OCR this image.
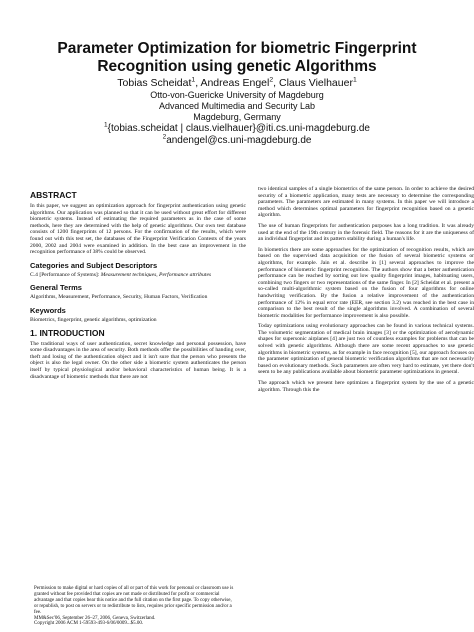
Parameter Optimization for biometric Fingerprint
Recognition using genetic Algorithms
Tobias Scheidat$^1$, Andreas Engel$^2$, Claus Vielhauer$^1$
Otto-von-Guericke University of Magdeburg
Advanced Multimedia and Security Lab
Magdeburg, Germany
$^1${tobias.scheidat | claus.vielhauer}@iti.cs.uni-magdeburg.de
$^2$andengel@cs.uni-magdeburg.de
ABSTRACT

In this paper, we suggest an optimization approach for fingerprint authentication using genetic algorithms. Our application was planned so that it can be used without great effort for different biometric systems. Instead of estimating the required parameters as in the case of some methods, here they are determined with the help of genetic algorithms. Our own test database consists of 1200 fingerprints of 12 persons. For the confirmation of the results, which were found out with this test set, the databases of the Fingerprint Verification Contests of the years 2000, 2002 and 2004 were examined in addition. In the best case an improvement in the recognition performance of 38% could be observed.

Categories and Subject Descriptors

C.4 [Performance of Systems]: Measurement techniques, Performance attributes

General Terms

Algorithms, Measurement, Performance, Security, Human Factors, Verification

Keywords

Biometrics, fingerprint, genetic algorithms, optimization

1. INTRODUCTION

The traditional ways of user authentication, secret knowledge and personal possession, have some disadvantages in the area of security. Both methods offer the possibilities of handing over, theft and losing of the authentication object and it isn't sure that the person who presents the object is also the legal owner. On the other side a biometric system authenticates the person itself by typical physiological and/or behavioral characteristics of human being. It is a disadvantage of biometric methods that there are not

Permission to make digital or hard copies of all or part of this work for personal or classroom use is granted without fee provided that copies are not made or distributed for profit or commercial advantage and that copies bear this notice and the full citation on the first page. To copy otherwise, or republish, to post on servers or to redistribute to lists, requires prior specific permission and/or a fee.
MM&Sec'06, September 26–27, 2006, Geneva, Switzerland.
Copyright 2006 ACM 1-59593-493-6/06/0009...$5.00.

two identical samples of a single biometrics of the same person. In order to achieve the desired security of a biometric application, many tests are necessary to determine the corresponding parameters. The parameters are estimated in many systems. In this paper we will introduce a method which determines optimal parameters for fingerprint recognition based on a genetic algorithm.

The use of human fingerprints for authentication purposes has a long tradition. It was already used at the end of the 19th century in the forensic field. The reasons for it are the uniqueness of an individual fingerprint and its pattern stability during a human's life.

In biometrics there are some approaches for the optimization of recognition results, which are based on the supervised data acquisition or the fusion of several biometric systems or algorithms, for example. Jain et al. describe in [1] several approaches to improve the performance of biometric fingerprint recognition. The authors show that a better authentication performance can be reached by sorting out low quality fingerprint images, habituating users, combining two fingers or two representations of the same finger. In [2] Scheidat et al. present a so-called multi-algorithmic system based on the fusion of four algorithms for online handwriting verification. By the fusion a relative improvement of the authentication performance of 12% in equal error rate (EER, see section 3.2) was reached in the best case in comparison to the best result of the single algorithms involved. A combination of several biometric modalities for performance improvement is also possible.

Today optimizations using evolutionary approaches can be found in various technical systems. The volumetric segmentation of medical brain images [3] or the optimization of aerodynamic shapes for supersonic airplanes [4] are just two of countless examples for problems that can be solved with genetic algorithms. Although there are some recent approaches to use genetic algorithms in biometric systems, as for example in face recognition [5], our approach focuses on the parameter optimization of general biometric verification algorithms that are not necessarily based on evolutionary methods. Such parameters are often very hard to estimate, yet there don't seem to be any publications available about biometric parameter optimizations in general.

The approach which we present here optimizes a fingerprint system by the use of a genetic algorithm. Through this the
